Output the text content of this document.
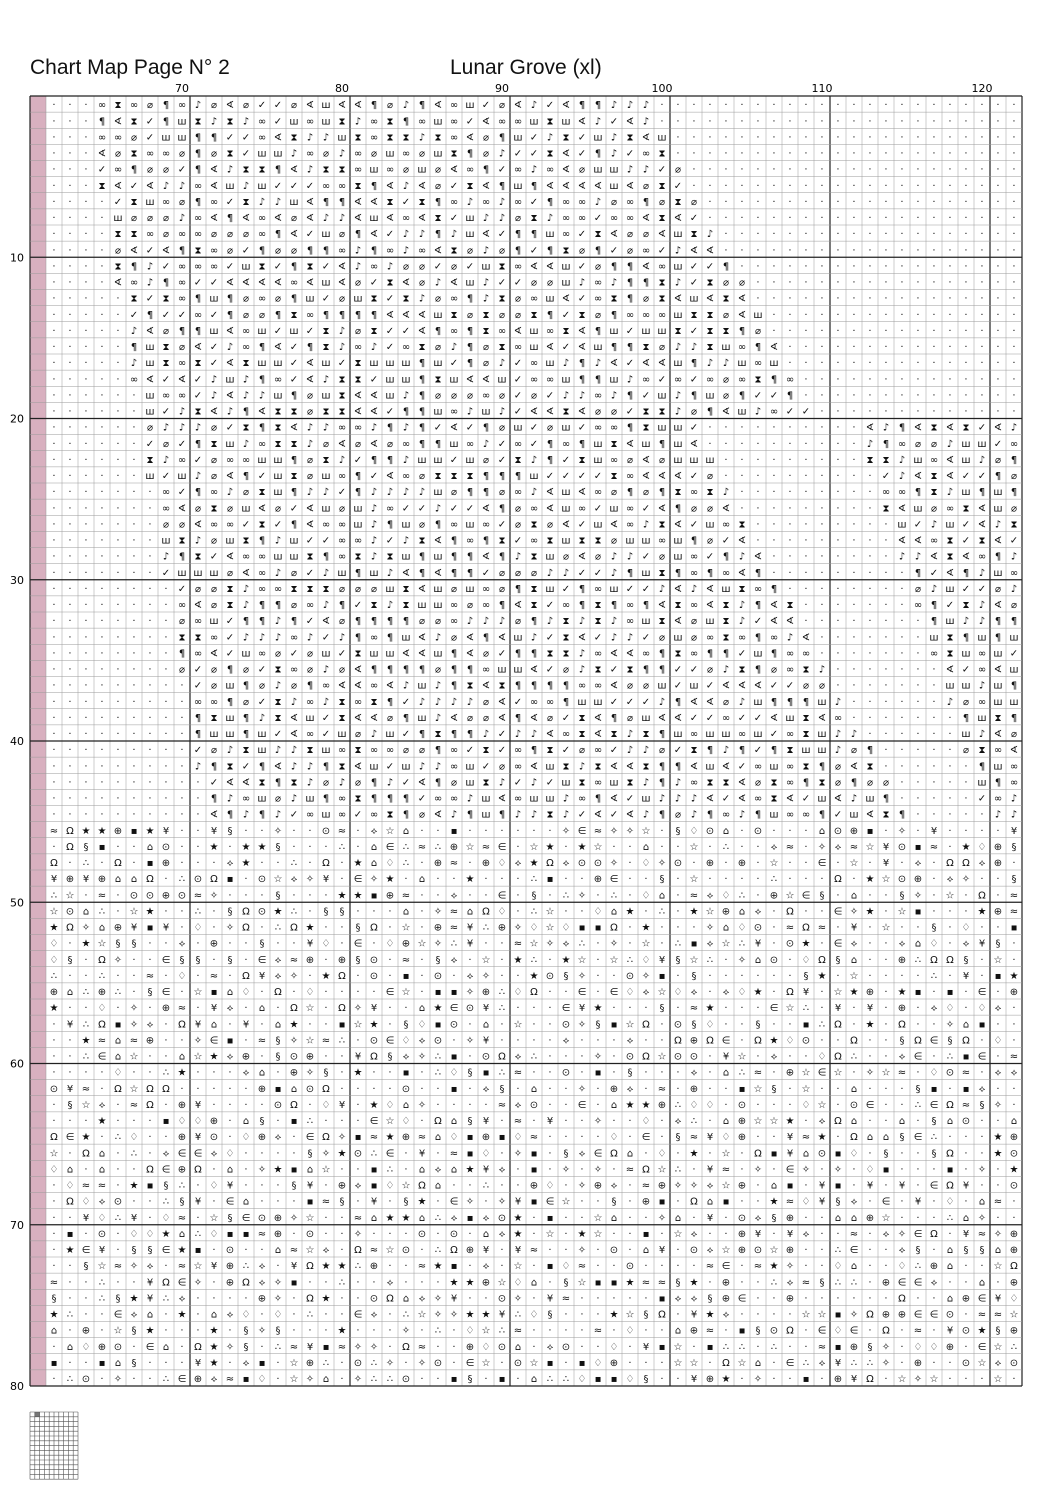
Chart Map Page N° 2	Lunar Grove (xl)
· · · ∞ ⧗ ∞ ⌀ ¶ ∞ ♪ ⌀ ∢ ⌀ ✓ ✓ ⌀ ∢ ш ∢ ∢ ¶ ⌀ ♪ ¶ ∢ ∞ ш ✓ ⌀ ∢ ♪ ✓ ∢ ¶ ¶ ♪ ♪ ♪ · · · · · · · · · · · · · · · · · · · · · · ·
· · · ¶ ∢ ⧗ ✓ ¶ ш ⧗ ♪ ⧗ ♪ ∞ ✓ ш ∞ ш ⧗ ♪ ∞ ⧗ ¶ ∞ ш ∞ ✓ ∢ ∞ ∞ ш ⧗ ш ∢ ♪ ✓ ∢ ♪ · · · · · · · · · · · · · · · · · · · · · · ·
· · · ∞ ∞ ⌀ ✓ ш ш ¶ ¶ ✓ ✓ ∞ ∢ ⧗ ♪ ♪ ш ⧗ ∞ ⧗ ⧗ ♪ ⧗ ∞ ∢ ⌀ ¶ ш ✓ ♪ ⧗ ✓ ш ♪ ⧗ ∢ ш · · · · · · · · · · · · · · · · · · · · · ·
· · · ∢ ⌀ ⧗ ∞ ∞ ⌀ ¶ ⌀ ⧗ ✓ ш ш ♪ ∞ ⌀ ♪ ∞ ⌀ ш ∞ ⌀ ш ⧗ ¶ ⌀ ♪ ✓ ✓ ⧗ ∢ ✓ ¶ ♪ ✓ ∞ ⧗ · · · · · · · · · · · · · · · · · · · · · ·
· · · ✓ ∞ ¶ ⌀ ⌀ ✓ ¶ ∢ ♪ ⧗ ⧗ ¶ ∢ ♪ ⧗ ⧗ ∞ ш ∞ ⌀ ш ⌀ ∢ ∞ ¶ ✓ ∞ ♪ ∞ ∢ ⌀ ш ш ♪ ♪ ✓ ⌀ · · · · · · · · · · · · · · · · · · · · ·
· · · ⧗ ∢ ✓ ∢ ♪ ♪ ∞ ∢ ш ♪ ш ✓ ✓ ✓ ∞ ∞ ⧗ ¶ ∢ ♪ ∢ ⌀ ✓ ⧗ ∢ ¶ ш ¶ ∢ ∢ ∢ ∢ ш ∢ ⌀ ⧗ ✓ · · · · · · · · · · · · · · · · · · · · ·
· · · · ✓ ⧗ ш ∞ ⌀ ¶ ∞ ✓ ⧗ ♪ ♪ ш ∢ ¶ ¶ ∢ ∢ ⧗ ✓ ⧗ ¶ ∞ ♪ ∞ ♪ ∞ ✓ ¶ ∞ ∞ ♪ ⌀ ∞ ¶ ⌀ ⧗ ⌀ · · · · · · · · · · · · · · · · · · · ·
· · · · ш ⌀ ⌀ ⌀ ♪ ∞ ∢ ¶ ∢ ∞ ∢ ⌀ ∢ ♪ ♪ ∢ ш ∢ ∞ ∢ ⧗ ✓ ш ♪ ♪ ⌀ ⧗ ♪ ∞ ∞ ✓ ∞ ∞ ∢ ⧗ ∢ ✓ · · · · · · · · · · · · · · · · · · · ·
· · · · ⧗ ⧗ ∞ ⌀ ∞ ∞ ⌀ ⌀ ⌀ ∞ ¶ ∢ ✓ ш ⌀ ¶ ∢ ✓ ♪ ♪ ¶ ♪ ш ∢ ✓ ¶ ¶ ш ∞ ✓ ⧗ ∢ ⌀ ⌀ ∢ ш ⧗ ♪ · · · · · · · · · · · · · · · · · · ·
· · · · ⌀ ∢ ✓ ∢ ¶ ⧗ ∞ ⌀ ✓ ¶ ⌀ ⌀ ¶ ¶ ∞ ♪ ¶ ∞ ♪ ∞ ∢ ⧗ ⌀ ♪ ⌀ ¶ ✓ ¶ ⧗ ⌀ ¶ ✓ ⌀ ∞ ✓ ♪ ∢ ∢ · · · · · · · · · · · · · · · · · · ·
· · · · ⧗ ¶ ♪ ✓ ∞ ∞ ∞ ✓ ш ⧗ ✓ ¶ ⧗ ✓ ∢ ♪ ∞ ♪ ⌀ ⌀ ✓ ⌀ ✓ ш ⧗ ∞ ∢ ∢ ш ✓ ⌀ ¶ ¶ ∢ ∞ ш ✓ ✓ ¶ · · · · · · · · · · · · · · · · · ·
· · · · ∢ ∞ ♪ ¶ ∞ ✓ ✓ ∢ ∢ ∢ ∢ ∞ ∢ ш ∢ ⌀ ✓ ⧗ ∢ ⌀ ♪ ∢ ш ♪ ✓ ✓ ⌀ ⌀ ш ♪ ∞ ♪ ¶ ¶ ⧗ ♪ ✓ ⧗ ⌀ ⌀ · · · · · · · · · · · · · · · · ·
· · · · · ⧗ ✓ ⧗ ∞ ¶ ш ¶ ⌀ ∞ ⌀ ¶ ш ✓ ⌀ ш ⧗ ✓ ⧗ ♪ ⌀ ∞ ¶ ♪ ⧗ ⌀ ∞ ш ∢ ✓ ∞ ⧗ ¶ ⌀ ⧗ ∢ ш ∢ ⧗ ∢ · · · · · · · · · · · · · · · · ·
· · · · · ✓ ¶ ✓ ✓ ∞ ✓ ¶ ⌀ ⌀ ¶ ⧗ ∞ ¶ ¶ ¶ ¶ ∢ ∢ ∢ ш ⧗ ⌀ ⧗ ⌀ ⌀ ⧗ ¶ ✓ ⧗ ⌀ ¶ ∞ ∞ ∞ ш ⧗ ⧗ ⌀ ∢ ш · · · · · · · · · · · · · · · ·
· · · · · ♪ ∢ ⌀ ¶ ¶ ш ∢ ∞ ш ✓ ш ✓ ⧗ ♪ ⌀ ⧗ ✓ ✓ ∢ ¶ ∞ ¶ ⧗ ∞ ∢ ш ∞ ⧗ ∢ ¶ ш ✓ ш ш ⧗ ✓ ⧗ ⧗ ¶ ⌀ · · · · · · · · · · · · · · · ·
· · · · · ¶ ш ⧗ ⌀ ∢ ✓ ♪ ∞ ¶ ∢ ✓ ¶ ⧗ ♪ ∞ ♪ ✓ ∞ ⧗ ⌀ ♪ ¶ ⌀ ⧗ ∞ ш ∢ ✓ ∢ ш ¶ ¶ ⧗ ⌀ ♪ ♪ ⧗ ш ∞ ¶ ∢ · · · · · · · · · · · · · · ·
· · · · · ♪ ш ⧗ ∞ ⧗ ✓ ∢ ⧗ ш ш ✓ ∢ ш ✓ ⧗ ш ш ш ¶ ш ✓ ¶ ⌀ ♪ ✓ ∞ ш ♪ ¶ ♪ ∢ ✓ ∢ ∢ ш ¶ ♪ ♪ ш ∞ ш · · · · · · · · · · · · · · ·
· · · · · ∞ ∢ ✓ ∢ ✓ ♪ ш ♪ ¶ ∞ ✓ ∢ ♪ ⧗ ⧗ ✓ ш ш ¶ ⧗ ш ∢ ∢ ш ✓ ∞ ∞ ш ¶ ¶ ш ♪ ∞ ✓ ∞ ✓ ∞ ⌀ ∞ ⧗ ¶ ∞ · · · · · · · · · · · · · ·
· · · · · · ш ∞ ∞ ✓ ♪ ∢ ♪ ♪ ш ¶ ⌀ ш ⧗ ∢ ∢ ш ♪ ¶ ⌀ ⌀ ⌀ ∞ ⌀ ✓ ⌀ ✓ ♪ ♪ ∞ ♪ ¶ ✓ ш ♪ ¶ ш ⌀ ¶ ✓ ✓ ¶ · · · · · · · · · · · · · ·
· · · · · · ш ✓ ♪ ⧗ ∢ ♪ ¶ ∢ ⧗ ⧗ ⌀ ⧗ ⧗ ∢ ∢ ✓ ¶ ¶ ш ∞ ♪ ш ♪ ✓ ∢ ∢ ⧗ ∢ ⌀ ⌀ ✓ ⧗ ⧗ ♪ ⌀ ¶ ∢ ш ♪ ∞ ✓ ✓ · · · · · · · · · · · · ·
· · · · · · ⌀ ♪ ♪ ♪ ⌀ ✓ ⧗ ¶ ⧗ ∢ ♪ ♪ ∞ ∞ ♪ ¶ ♪ ¶ ✓ ∢ ✓ ¶ ⌀ ш ✓ ⌀ ш ✓ ∞ ∞ ¶ ⧗ ш ш ✓ · · · · · · · · · · ∢ ♪ ¶ ∢ ⧗ ∢ ⧗ ✓ ∢ ♪
· · · · · · ✓ ⌀ ✓ ¶ ⧗ ш ♪ ∞ ⧗ ⧗ ♪ ⌀ ∢ ⌀ ∢ ⌀ ∞ ¶ ¶ ш ∞ ♪ ✓ ∞ ✓ ¶ ∞ ¶ ш ⧗ ∢ ш ¶ ш ∢ · · · · · · · · · · ♪ ¶ ∞ ⌀ ⌀ ♪ ш ш ✓ ∞
· · · · · · ⧗ ♪ ∞ ✓ ⌀ ∞ ∞ ш ш ¶ ⌀ ⧗ ♪ ✓ ¶ ¶ ♪ ш ш ✓ ш ⌀ ✓ ⧗ ♪ ¶ ✓ ⧗ ш ∞ ⌀ ∢ ⌀ ш ш ш · · · · · · · · · ⧗ ⧗ ♪ ш ∞ ∢ ш ♪ ⌀ ¶
· · · · · · ш ✓ ш ♪ ⌀ ∢ ¶ ✓ ш ⧗ ⌀ ш ∞ ¶ ✓ ∢ ∞ ⌀ ⧗ ⧗ ⧗ ¶ ¶ ¶ ш ✓ ✓ ✓ ✓ ⧗ ∞ ∢ ∢ ∢ ✓ ⌀ · · · · · · · · · · ✓ ♪ ∢ ⧗ ∢ ✓ ✓ ¶ ⌀
· · · · · · · ∞ ✓ ¶ ∞ ♪ ⌀ ⧗ ш ¶ ♪ ♪ ✓ ¶ ♪ ♪ ♪ ♪ ш ⌀ ¶ ¶ ⌀ ∞ ♪ ∢ ш ∢ ∞ ⌀ ¶ ⌀ ¶ ⧗ ∞ ⧗ ♪ · · · · · · · · · ∞ ∞ ¶ ⧗ ♪ ш ¶ ш ¶
· · · · · · · ∞ ∢ ⌀ ⧗ ⌀ ш ∢ ⌀ ✓ ∢ ш ⌀ ш ♪ ∞ ✓ ✓ ♪ ✓ ✓ ∢ ¶ ⌀ ∞ ∢ ш ∞ ✓ ш ∞ ✓ ∢ ¶ ⌀ ⌀ ∢ · · · · · · · · · ⧗ ∢ ш ⌀ ∞ ⧗ ∢ ш ⌀
· · · · · · · ⌀ ⌀ ∢ ∞ ∞ ✓ ⧗ ✓ ¶ ∢ ∞ ∞ ш ♪ ¶ ш ⌀ ¶ ∞ ш ∞ ✓ ⌀ ⧗ ⌀ ∢ ✓ ш ∢ ∞ ♪ ⧗ ∢ ✓ ш ∞ ⧗ · · · · · · · · · ш ✓ ♪ ш ✓ ∢ ♪ ⧗
· · · · · · · ш ⧗ ♪ ⌀ ш ⧗ ¶ ♪ ш ✓ ✓ ∞ ∞ ♪ ✓ ♪ ⧗ ∢ ¶ ∞ ¶ ⧗ ✓ ∞ ⧗ ш ⧗ ⧗ ⌀ ш ш ∞ ш ¶ ⌀ ✓ ∢ · · · · · · · · · ∢ ∢ ∞ ⧗ ✓ ⧗ ∢ ✓
· · · · · · · ♪ ¶ ⧗ ✓ ∢ ∞ ∞ ш ш ⧗ ¶ ∞ ⧗ ♪ ⧗ ш ¶ ш ¶ ¶ ∢ ¶ ♪ ⧗ ш ⌀ ∢ ⌀ ♪ ♪ ✓ ⌀ ш ∞ ✓ ¶ ♪ ∢ · · · · · · · · ♪ ♪ ∢ ⧗ ∢ ∞ ¶ ♪
· · · · · · · ✓ ш ш ш ⌀ ∢ ∞ ♪ ⌀ ✓ ♪ ш ¶ ш ♪ ∢ ¶ ∢ ¶ ¶ ✓ ⌀ ⌀ ⌀ ♪ ♪ ✓ ✓ ♪ ¶ ш ⧗ ¶ ∞ ¶ ∞ ∢ ¶ · · · · · · · · · ¶ ✓ ∢ ¶ ♪ ш ∞
· · · · · · · · ✓ ⌀ ⌀ ⧗ ♪ ∞ ∞ ⧗ ⧗ ⧗ ⌀ ⌀ ⌀ ш ⧗ ∢ ш ⌀ ш ∞ ⌀ ¶ ⧗ ш ✓ ¶ ∞ ш ✓ ✓ ♪ ∢ ♪ ∢ ш ⧗ ∞ ¶ · · · · · · · · ⌀ ♪ ш ✓ ✓ ⌀ ♪
· · · · · · · · ∞ ∢ ⌀ ⧗ ♪ ¶ ¶ ⌀ ∞ ♪ ¶ ✓ ⧗ ♪ ⧗ ш ш ∞ ⌀ ∞ ¶ ∢ ⧗ ✓ ∞ ¶ ⧗ ¶ ∞ ¶ ∢ ⧗ ∞ ∢ ⧗ ♪ ¶ ∢ ⧗ · · · · · · · ∞ ¶ ✓ ⧗ ♪ ∢ ⌀
· · · · · · · · ⌀ ∞ ш ✓ ¶ ¶ ♪ ¶ ✓ ∢ ⌀ ¶ ¶ ¶ ¶ ⌀ ⌀ ∞ ♪ ♪ ♪ ⌀ ¶ ♪ ⧗ ♪ ⧗ ♪ ∞ ш ⧗ ∢ ⌀ ш ⧗ ♪ ✓ ∢ ∢ · · · · · · · · ¶ ш ♪ ♪ ¶ ¶
· · · · · · · · ⧗ ⧗ ∞ ✓ ♪ ♪ ♪ ∞ ♪ ✓ ♪ ¶ ∞ ¶ ш ∢ ♪ ⌀ ∢ ¶ ∢ ш ♪ ✓ ⧗ ∢ ✓ ♪ ♪ ✓ ⌀ ш ⌀ ∞ ⧗ ∞ ¶ ∞ ♪ ∢ · · · · · · · ш ⧗ ¶ ш ¶ ш
· · · · · · · · ¶ ∞ ∢ ✓ ш ∞ ⌀ ✓ ⌀ ш ✓ ⧗ ш ш ∢ ∢ ш ¶ ∢ ⌀ ✓ ¶ ¶ ⧗ ⧗ ♪ ∞ ∢ ∢ ∞ ¶ ⧗ ∞ ¶ ¶ ✓ ш ¶ ∞ ∞ · · · · · · · ∞ ⧗ ш ∞ ш ✓
· · · · · · · · ⌀ ✓ ⌀ ¶ ⌀ ✓ ⧗ ∞ ⌀ ♪ ⌀ ∢ ¶ ¶ ¶ ¶ ⌀ ¶ ¶ ∞ ш ш ∢ ✓ ⌀ ♪ ⧗ ✓ ⧗ ¶ ¶ ✓ ✓ ⌀ ♪ ⧗ ¶ ⌀ ∞ ⧗ ♪ · · · · · · · ∢ ✓ ∞ ∢ ш
· · · · · · · · · ✓ ⌀ ш ¶ ⌀ ♪ ⌀ ¶ ∞ ∢ ∢ ∞ ∢ ♪ ш ♪ ¶ ⧗ ∢ ⧗ ¶ ¶ ¶ ¶ ∞ ∞ ∢ ⌀ ⌀ ш ✓ ш ✓ ∢ ∢ ∢ ✓ ✓ ⌀ ⌀ · · · · · · · ш ш ♪ ш ¶
· · · · · · · · · ∞ ∞ ¶ ⌀ ✓ ⧗ ♪ ∞ ♪ ⧗ ∞ ⧗ ¶ ✓ ♪ ♪ ♪ ♪ ⌀ ∢ ✓ ∞ ∞ ¶ ш ш ✓ ✓ ✓ ♪ ¶ ∢ ∢ ⌀ ♪ ш ¶ ¶ ¶ ш ♪ · · · · · · ♪ ⌀ ∞ ш ш
· · · · · · · · · ¶ ⧗ ш ¶ ♪ ⧗ ∢ ш ✓ ⧗ ∢ ∢ ⌀ ¶ ш ♪ ∢ ⌀ ⌀ ∢ ¶ ∢ ⌀ ✓ ⧗ ∢ ¶ ⌀ ш ∢ ∢ ✓ ✓ ∞ ✓ ✓ ∢ ш ⧗ ∢ ∞ · · · · · · · ¶ ш ⧗ ¶
· · · · · · · · · ¶ ш ш ¶ ш ✓ ∢ ∞ ✓ ш ⌀ ♪ ш ✓ ¶ ⧗ ¶ ¶ ♪ ✓ ♪ ♪ ∢ ∞ ⧗ ∢ ⧗ ♪ ⧗ ¶ ш ∞ ш ш ∞ ш ✓ ∞ ⧗ ш ♪ ♪ · · · · · · ш ♪ ∢ ⌀
· · · · · · · · · ✓ ⌀ ♪ ⧗ ш ♪ ♪ ⧗ ш ∞ ⧗ ∞ ∞ ⌀ ⌀ ¶ ∞ ✓ ⧗ ✓ ∞ ¶ ⧗ ✓ ⌀ ∞ ✓ ♪ ♪ ⌀ ✓ ⧗ ¶ ♪ ¶ ✓ ¶ ⧗ ш ш ♪ ⌀ ¶ · · · · · ⌀ ⧗ ∞ ∢
· · · · · · · · · ♪ ¶ ⧗ ✓ ¶ ∢ ♪ ♪ ¶ ⧗ ∢ ш ✓ ш ♪ ♪ ∞ ш ✓ ⌀ ∞ ∢ ш ⧗ ♪ ⧗ ∢ ∢ ⧗ ¶ ¶ ∢ ш ∢ ✓ ∞ ш ∞ ⧗ ¶ ⌀ ∢ ⧗ · · · · · · ¶ ш ∞
· · · · · · · · · · ✓ ∢ ∢ ⧗ ¶ ⧗ ♪ ⌀ ♪ ⌀ ¶ ♪ ✓ ∢ ¶ ⌀ ш ⧗ ♪ ✓ ♪ ✓ ш ⧗ ∞ ш ⧗ ♪ ¶ ♪ ∞ ⧗ ⧗ ∢ ⌀ ⧗ ∞ ¶ ⧗ ⌀ ¶ ⌀ ⌀ · · · · · ш ¶ ∞
· · · · · · · · · · ¶ ♪ ∞ ш ⌀ ♪ ш ¶ ∞ ⧗ ¶ ¶ ¶ ✓ ∞ ∞ ♪ ш ∢ ∞ ш ш ♪ ∞ ¶ ∢ ✓ ш ♪ ♪ ♪ ∢ ✓ ∢ ∞ ⧗ ∢ ✓ ш ∢ ♪ ш ¶ · · · · · ✓ ∞ ♪
· · · · · · · · · · ∢ ¶ ♪ ¶ ♪ ✓ ∞ ш ∞ ✓ ∞ ⧗ ¶ ⌀ ∢ ♪ ¶ ш ¶ ♪ ♪ ⧗ ♪ ✓ ∢ ✓ ∢ ♪ ¶ ⌀ ♪ ¶ ∞ ♪ ¶ ш ∞ ∞ ¶ ✓ ш ∢ ⧗ ¶ · · · · · ♪ ♪
≈ Ω ★ ★ ⊕ ▪ ★ ¥ · · ¥ § · · ✧ · · ⊙ ≈ · ⟡ ☆ ⌂ · · ▪ · · · · · · ✧ ∈ ≈ ✧ ✧ ☆ · § ♢ ⊙ ⌂ · ⊙ · · · ⌂ ⊙ ⊕ ▪ · ✧ · ¥ · · · · ¥
· Ω § ▪ · · ⌂ ⊙ · · ★ · ★ ★ § · · · ∴ · ⌂ ∈ ∴ ≈ ∴ ⊕ ☆ ≈ ∈ · ☆ ★ · ★ ☆ · · ⌂ · · ☆ · ∴ · · ⟡ ≈ · ✧ ⟡ ≈ ☆ ¥ ⊙ ▪ ≈ · ★ ♢ ⊕ §
Ω · ∴ · Ω · ▪ ⊕ · · · ⟡ ★ · · ∴ · Ω · ★ ⌂ ♢ ∴ · ⊕ ≈ · ⊕ ♢ ⟡ ★ Ω ⟡ ⊙ ⊙ ✧ · ♢ ✧ ⊙ · ⊕ · ⊕ · ☆ · · ∈ · ☆ · ¥ · ⟡ · Ω Ω ⟡ ⊕ ·
¥ ⊕ ¥ ⊕ ⌂ ⌂ Ω · ∴ ⊙ Ω ▪ · ⊙ ☆ ⟡ ✧ ¥ · ∈ ✧ ★ · ⌂ · · ★ · · · ∴ ▪ · · ⊕ ∈ · · § · ☆ · · · · ∴ · · · Ω · ★ ☆ ⊙ ⊕ · ⟡ ✧ · · §
∴ ☆ · ≈ · ⊙ ⊙ ⊕ ⊙ ≈ ✧ · · · § · · · ★ ★ ▪ ⊕ ≈ · · ⟡ · · ∈ · § · ∴ ✧ · ∴ · ♢ ⌂ · ≈ ⟡ ♢ ∴ · ⊕ ☆ ∈ § · ⌂ · · § ✧ · ☆ · Ω · ≈
☆ ⊙ ⌂ ∴ · ☆ ★ · · ∴ · § Ω ⊙ ★ ∴ · § § · · · ⌂ · ✧ ≈ ⌂ Ω ♢ · ∴ ☆ · · ♢ ⌂ ★ · ∴ · ★ ☆ ⊕ ⌂ ⟡ · Ω · · ∈ ✧ ★ · ☆ ▪ · · · ★ ⊕ ≈
★ Ω ✧ ⌂ ⊕ ¥ ▪ ¥ · ♢ · ✧ Ω · ∴ Ω ★ · · § Ω · ☆ · ⊕ ≈ ¥ ∴ ⊕ ✧ ♢ ☆ ♢ ▪ ▪ Ω · ★ · · · ✧ ⌂ ♢ ⊙ · ≈ Ω ≈ · ¥ · ☆ · · § · ♢ · · ▪
♢ · ★ ☆ § § · · ⟡ · ⊕ · · § · · ¥ ♢ · ∈ · ♢ ⊕ ☆ ✧ ∴ ¥ · · ≈ ☆ ✧ ⟡ ∴ · ✧ · ☆ · ∴ ▪ ⟡ ☆ ∴ ¥ · ⊙ ★ · ∈ ⟡ · · ⟡ ⌂ ♢ · ⟡ ¥ § ·
♢ § · Ω ✧ · · ∈ § § · § · ∈ ⟡ ≈ ⊕ · ⊕ § ⊙ · ≈ · § ⟡ · ☆ · ★ ∴ · ★ ☆ · ☆ ∴ ♢ ¥ § ☆ ∴ · ✧ ⌂ ⊙ · ♢ Ω § ⌂ · · ⊕ ∴ Ω Ω § · ☆ ·
∴ · · ∴ · · ≈ · ♢ · ≈ · Ω ¥ ⟡ ✧ · ★ Ω · ⊙ · ▪ · ⊙ · ⟡ ✧ · · ★ ⊙ § ✧ · · ⊙ ✧ ▪ · § · · · · · · § ★ · ☆ · · · · ∴ · ¥ · ▪ ★
⊕ ⌂ ∴ ⊕ ∴ · § ∈ · ☆ ▪ ⌂ ♢ · Ω · ♢ · · · · ∈ ☆ · ▪ ▪ ✧ ⊕ ∴ ♢ Ω · · ∈ · ∈ ♢ ⟡ ☆ ♢ ⟡ · ⟡ ♢ ★ · Ω ¥ · ☆ ★ ⊕ · ★ ▪ · ▪ · ∈ · ⊕
★ · · ♢ · ✧ · ⊕ ≈ · ¥ ⟡ · ⌂ · Ω ☆ · Ω ✧ ¥ · · ⌂ ★ ∈ ⊙ ¥ ∴ · · · ∈ ¥ ★ · · · § · ≈ ★ · · · ∈ ☆ ∴ · ¥ · ¥ · ⊕ · ⟡ ♢ · ♢ ⟡ ·
· ¥ ∴ Ω ▪ ✧ ⟡ · Ω ¥ ⌂ · ¥ · ⌂ ★ · · ▪ ☆ ★ · § ♢ ▪ ⊙ · ⌂ · ☆ · · ⊙ ✧ § ▪ ☆ Ω · ⊙ § ♢ · · § · · ▪ ∴ Ω · ★ · Ω · · ✧ ⌂ ▪ · ·
· · ★ ≈ ⌂ ≈ ⊕ · · ✧ ∈ ▪ · ≈ § ✧ ☆ ≈ ∴ · ⊙ ∈ ♢ ⟡ ⊙ · ✧ ¥ · · · · ⟡ · · · ⟡ · · Ω ⊕ Ω ∈ · Ω ★ ♢ ⊙ · · Ω · · § Ω ∈ § Ω · ♢ ·
· · ∴ ∈ ⌂ ☆ · · ⌂ ☆ ★ ⟡ ⊕ · § ⊙ ⊕ · · ¥ Ω § ⟡ ✧ ∴ ▪ · ⊙ Ω ⟡ ∴ · · · ✧ · ⊙ Ω ☆ ⊙ ⊙ · ¥ ☆ · ⟡ · · ♢ Ω ∴ · · ⟡ ∈ · ∴ ▪ ∈ · ≈
· · · · ♢ · · ∴ ★ · · · ⟡ ⌂ · ⊕ ✧ § · ★ · · ▪ · ∴ ♢ § ▪ ∴ ≈ · · ⊙ · ▪ · § · · · ⟡ · ⌂ ∴ ≈ · ⊕ ☆ ∈ ☆ · ✧ ☆ ≈ · ♢ ⊙ ≈ · ⟡ ⟡
⊙ ¥ ≈ · Ω ☆ Ω Ω · · · · · ⊕ ▪ ⌂ ⊙ Ω · · · · ⊙ · · ▪ · ⟡ § · ⌂ · · ✧ · ⊕ ⟡ · ≈ · ⊕ · · ▪ ☆ § · ☆ · · ⌂ · · · § ▪ · ▪ ⟡ · ·
· § ☆ ⟡ · ≈ Ω · ⊕ ¥ · · · · ⊙ Ω · ♢ ¥ · ★ ♢ ⌂ ✧ · · · · ≈ ⟡ ⊙ · · ∈ · ⌂ ★ ★ ⊕ ∴ ♢ ♢ · ⊙ · · · ♢ ☆ · ⊙ ∈ · · ∴ ∈ Ω ≈ § ✧ ·
· · · ★ · · · ▪ ♢ ♢ ⊕ · ⌂ § · ▪ ∴ · · · ∈ ☆ ♢ · Ω ⌂ § ¥ · ≈ · ¥ · · ✧ · · ♢ · ⟡ ∴ · ⌂ ⊕ ☆ ☆ ★ · ⟡ Ω ⌂ · · ⌂ · § ⌂ ⊙ · · ⌂
Ω ∈ ★ · ∴ ♢ · · ⊕ ¥ ⊙ · ♢ ⊕ ⟡ · ∈ Ω ✧ ▪ ≈ ★ ⊕ ≈ ⌂ ♢ ▪ ⊕ ▪ ♢ ≈ · · · · ♢ · ∈ · § ≈ ¥ ♢ ⊕ · · ¥ ≈ ★ · Ω ⌂ ⌂ § ∈ ∴ · · · ★ ⊕
☆ · Ω ⌂ · ∴ · ⟡ ∈ ∈ ⟡ ♢ · · · · § ✧ ★ ⊙ ∴ ∈ · ¥ · ≈ ▪ ♢ · ✧ ▪ · § ⟡ ∈ Ω ⌂ · ♢ · ★ · ☆ · Ω ▪ ¥ ⌂ ⊙ ▪ ♢ · § · · § Ω · · ★ ⊙
♢ ⌂ · ⌂ · · Ω ∈ ⊕ Ω · ⌂ · ✧ ★ ▪ ⌂ ☆ · · ▪ ∴ · ⌂ ⟡ ⌂ ★ ¥ ⟡ · ▪ · ✧ · ✧ · ≈ Ω ☆ ∴ · ¥ ≈ · ✧ · ∈ ✧ · ✧ · ♢ ▪ · · · ▪ · ✧ · ★
· ♢ ≈ ≈ · ★ ▪ § ∴ · ♢ ¥ · · · § ¥ · ⊕ ⟡ ▪ ♢ ☆ Ω ⌂ · · ∴ · · ⊕ ♢ · ✧ ⊕ ⟡ · ≈ ⊕ ✧ ✧ ⟡ ☆ ⊕ · ⌂ ▪ · ¥ ▪ · ¥ · ¥ · ∈ Ω ¥ · · ⊙
· Ω ♢ ⟡ ⊙ · · ∴ § ¥ · ∈ ⌂ · · · ▪ ≈ § · ¥ · § ★ · ∈ ✧ · ✧ ¥ ▪ ∈ ☆ · · § · ⊕ ▪ · Ω ⌂ ▪ · · ★ ≈ ♢ ¥ § ⟡ · ∈ · ¥ · ♢ · ⌂ ≈ ·
· · ¥ ♢ ∴ ¥ · ♢ ≈ · ☆ § ∈ ⊙ ⊕ ✧ ☆ · · ≈ ⌂ ★ ★ ⌂ ∴ ⟡ ▪ ⟡ ⊙ ★ · ▪ · · ☆ ⌂ · · ✧ ⌂ · ¥ · ⊙ ⟡ § ⊕ · · ⌂ ⌂ ⊕ ☆ · · · ∴ ⌂ ✧ · ·
· ▪ · ⊙ · ♢ ♢ ★ ⌂ ∴ ♢ ▪ ▪ ≈ ⊕ · ⊙ · · ✧ · · · ⊙ · ⊙ · ⌂ ⟡ ★ · ☆ · ★ ☆ · · ▪ · ☆ ⟡ · · ⊕ ¥ · ¥ ⟡ · · ≈ · ⟡ ✧ ∈ Ω · ¥ ≈ ✧ ⊕
· ★ ∈ ¥ · § § ∈ ★ ▪ · ⊙ · · ⌂ ≈ ☆ ⟡ · Ω ≈ ☆ ⊙ · ∴ Ω ⊕ ¥ · ¥ ≈ · · ✧ · ⊙ · ⌂ ¥ · ⊙ ⟡ ☆ ⊕ ⊙ ☆ ⊕ · · ∴ ∈ · · ⟡ § · ⌂ § § ⌂ ⊕
· · § ☆ ≈ ✧ ⟡ · ≈ ☆ ¥ ⊕ ∴ ⟡ · ¥ Ω ★ ★ ∴ ⊕ · · ≈ ★ ▪ · ⟡ · ☆ · ▪ ♢ ≈ · · ⊙ · · · · ≈ ∈ · ≈ ★ ✧ · · ♢ ⌂ · · ♢ ∴ ⊕ ⌂ · · ☆ Ω
≈ · · ∴ · · ¥ Ω ∈ ✧ · ⊕ Ω ⟡ ✧ ▪ · · ∴ · · ⟡ · · · ★ ★ ⊕ ☆ ♢ ⌂ · § ☆ ▪ ▪ ★ ≈ ≈ § ★ · ⊕ · · ∴ ⟡ ≈ § ∴ ∴ · ⊕ ∈ ∈ ⟡ · · ⌂ · ⊕
§ · · ∴ § ★ ¥ ∴ ⟡ · · · · ⊕ ✧ · Ω ★ · · ⊙ Ω ⌂ ⟡ ✧ ¥ · · ⊙ ✧ · ¥ ≈ · · · · · ▪ ⟡ ⟡ § ⊕ ∈ · · ⊕ · · · · · · Ω · · ⌂ ⊕ ∈ ¥ ♢
★ ∴ · · ∈ ⟡ ⌂ · ★ · ⌂ ⟡ ♢ · ♢ · ∴ · · ∈ ⟡ · ∴ ☆ ✧ ✧ ★ ★ ¥ ∴ ♢ § · · · ★ ☆ § Ω · ¥ ★ ⟡ · · · · ☆ ☆ ▪ ✧ Ω ⊕ ⊕ ∈ ∈ ⊙ · ≈ ≈ ☆
⌂ · ⊕ · ☆ § ★ · · · ★ · § ✧ § · · · ★ · · · ✧ · ∴ · ♢ ☆ ∴ ≈ · · · · ≈ · ♢ · · ⌂ ⊕ ≈ · ▪ § ⊙ Ω · ∈ ♢ ∈ · Ω · ≈ · ¥ ⊙ ★ § ⊕
· ⌂ ♢ ⊕ ⊙ · ∈ ⌂ · Ω ★ ✧ § · ∴ ≈ ¥ ▪ ≈ ✧ ✧ · Ω ≈ · · ⊕ ♢ ⊙ ⌂ · ⟡ ⊙ · · ♢ · ¥ ▪ ☆ · ▪ ∴ ∴ · ∴ · · ≈ ▪ ⊕ § ✧ · ♢ ♢ ⊕ · ∈ ☆ ∴
▪ · · ▪ ⌂ § · · · ¥ ★ · ⟡ ▪ · ☆ ⊕ ∴ · ⊙ ∴ ✧ · ✧ ⊙ · ∈ ☆ · ⊙ ☆ ▪ · ▪ ♢ ⊕ · · · ☆ ☆ · Ω ☆ ⌂ · ∈ ∴ ⟡ ¥ ∴ ∴ ✧ · ⊕ · · ⊙ ☆ ⟡ ⊙
· ∴ ⊙ · ✧ · · ∴ ∈ ⊕ ⟡ ≈ ▪ ♢ · ☆ ✧ ⌂ · ✧ ∴ ∴ ⊙ · · ▪ § · ▪ · ⌂ ∴ ∴ ♢ ▪ ▪ ♢ § · · ¥ ⊕ ★ · ✧ · · ▪ · ⊕ ¥ Ω · ☆ ✧ ☆ · · · ☆ ·
70	80	90	100	110	120
10
20
30
40
50
60
70
80
